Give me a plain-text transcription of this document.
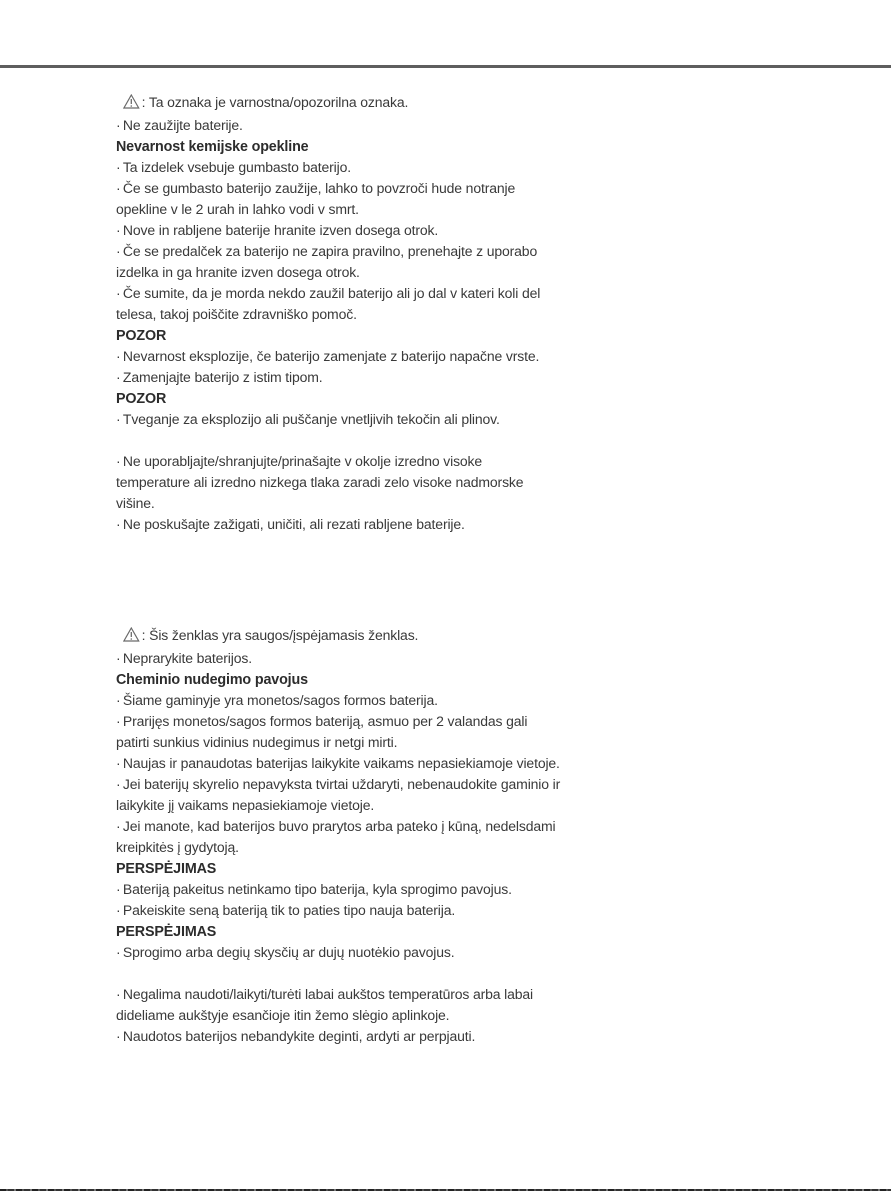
: Ta oznaka je varnostna/opozorilna oznaka.
· Ne zaužijte baterije.
Nevarnost kemijske opekline
· Ta izdelek vsebuje gumbasto baterijo.
· Če se gumbasto baterijo zaužije, lahko to povzroči hude notranje
opekline v le 2 urah in lahko vodi v smrt.
· Nove in rabljene baterije hranite izven dosega otrok.
· Če se predalček za baterijo ne zapira pravilno, prenehajte z uporabo
izdelka in ga hranite izven dosega otrok.
· Če sumite, da je morda nekdo zaužil baterijo ali jo dal v kateri koli del
telesa, takoj poiščite zdravniško pomoč.
POZOR
· Nevarnost eksplozije, če baterijo zamenjate z baterijo napačne vrste.
· Zamenjajte baterijo z istim tipom.
POZOR
· Tveganje za eksplozijo ali puščanje vnetljivih tekočin ali plinov.
· Ne uporabljajte/shranjujte/prinašajte v okolje izredno visoke
temperature ali izredno nizkega tlaka zaradi zelo visoke nadmorske
višine.
· Ne poskušajte zažigati, uničiti, ali rezati rabljene baterije.
: Šis ženklas yra saugos/įspėjamasis ženklas.
· Neprarykite baterijos.
Cheminio nudegimo pavojus
· Šiame gaminyje yra monetos/sagos formos baterija.
· Prarijęs monetos/sagos formos bateriją, asmuo per 2 valandas gali
patirti sunkius vidinius nudegimus ir netgi mirti.
· Naujas ir panaudotas baterijas laikykite vaikams nepasiekiamoje vietoje.
· Jei baterijų skyrelio nepavyksta tvirtai uždaryti, nebenaudokite gaminio ir
laikykite jį vaikams nepasiekiamoje vietoje.
· Jei manote, kad baterijos buvo prarytos arba pateko į kūną, nedelsdami
kreipkitės į gydytoją.
PERSPĖJIMAS
· Bateriją pakeitus netinkamo tipo baterija, kyla sprogimo pavojus.
· Pakeiskite seną bateriją tik to paties tipo nauja baterija.
PERSPĖJIMAS
· Sprogimo arba degių skysčių ar dujų nuotėkio pavojus.
· Negalima naudoti/laikyti/turėti labai aukštos temperatūros arba labai
dideliame aukštyje esančioje itin žemo slėgio aplinkoje.
· Naudotos baterijos nebandykite deginti, ardyti ar perpjauti.
